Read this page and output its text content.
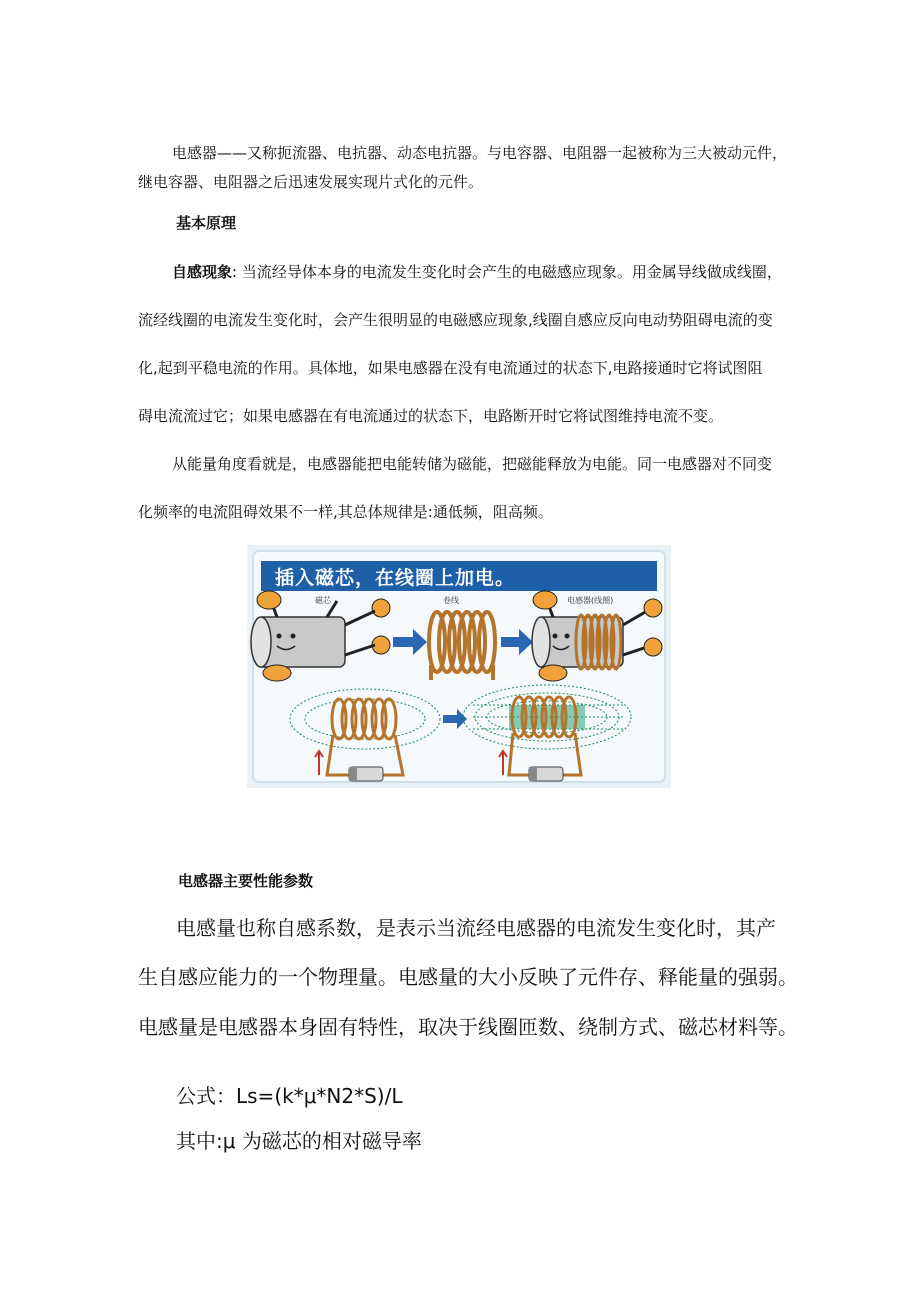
电感器——又称扼流器、电抗器、动态电抗器。与电容器、电阻器一起被称为三大被动元件，

继电容器、电阻器之后迅速发展实现片式化的元件。

基本原理

自感现象: 当流经导体本身的电流发生变化时会产生的电磁感应现象。用金属导线做成线圈，

流经线圈的电流发生变化时，会产生很明显的电磁感应现象,线圈自感应反向电动势阻碍电流的变

化,起到平稳电流的作用。具体地，如果电感器在没有电流通过的状态下,电路接通时它将试图阻

碍电流流过它；如果电感器在有电流通过的状态下，电路断开时它将试图维持电流不变。

从能量角度看就是，电感器能把电能转储为磁能，把磁能释放为电能。同一电感器对不同变

化频率的电流阻碍效果不一样,其总体规律是:通低频，阻高频。

插入磁芯，在线圈上加电。
磁芯	卷线	电感器(线圈)

电感器主要性能参数

电感量也称自感系数，是表示当流经电感器的电流发生变化时，其产

生自感应能力的一个物理量。电感量的大小反映了元件存、释能量的强弱。

电感量是电感器本身固有特性，取决于线圈匝数、绕制方式、磁芯材料等。

公式：Ls=(k*μ*N2*S)/L

其中:μ 为磁芯的相对磁导率
